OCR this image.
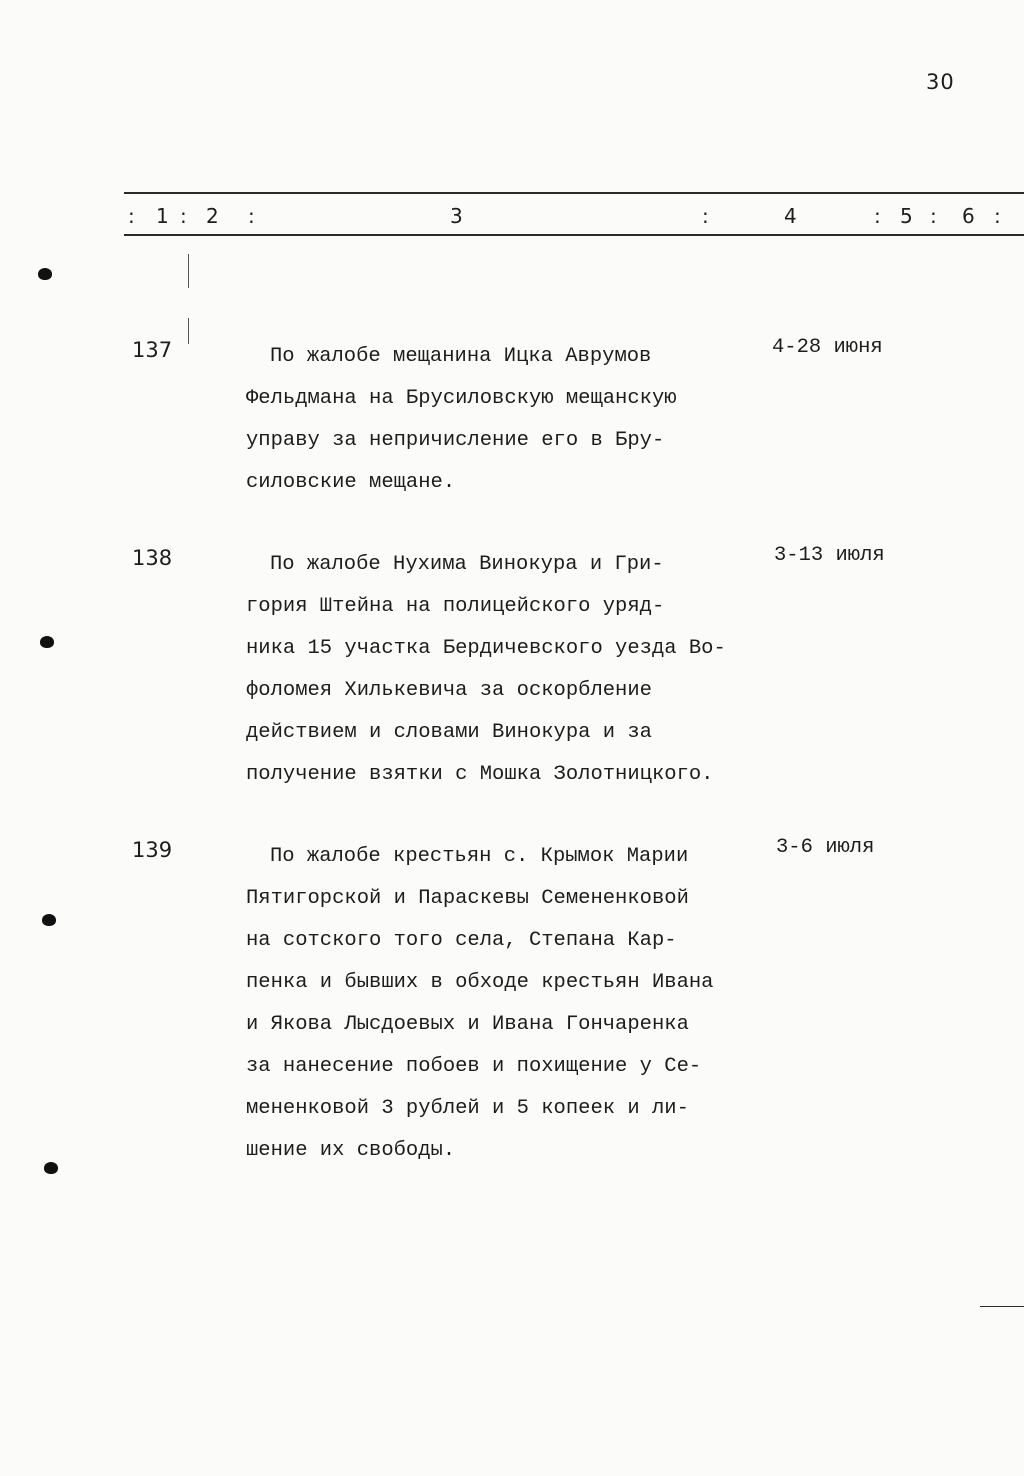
30
: 1 : 2 :	3	:	4	: 5 : 6 :
137	По жалобе мещанина Ицка Аврумов
Фельдмана на Брусиловскую мещанскую
управу за непричисление его в Бру-
силовские мещане.
4-28 июня
138	По жалобе Нухима Винокура и Гри-
гория Штейна на полицейского уряд-
ника 15 участка Бердичевского уезда Во-
фоломея Хилькевича за оскорбление
действием и словами Винокура и за
получение взятки с Мошка Золотницкого.
3-13 июля
139	По жалобе крестьян с. Крымок Марии
Пятигорской и Параскевы Семененковой
на сотского того села, Степана Кар-
пенка и бывших в обходе крестьян Ивана
и Якова Лысдоевых и Ивана Гончаренка
за нанесение побоев и похищение у Се-
мененковой 3 рублей и 5 копеек и ли-
шение их свободы.
3-6 июля
